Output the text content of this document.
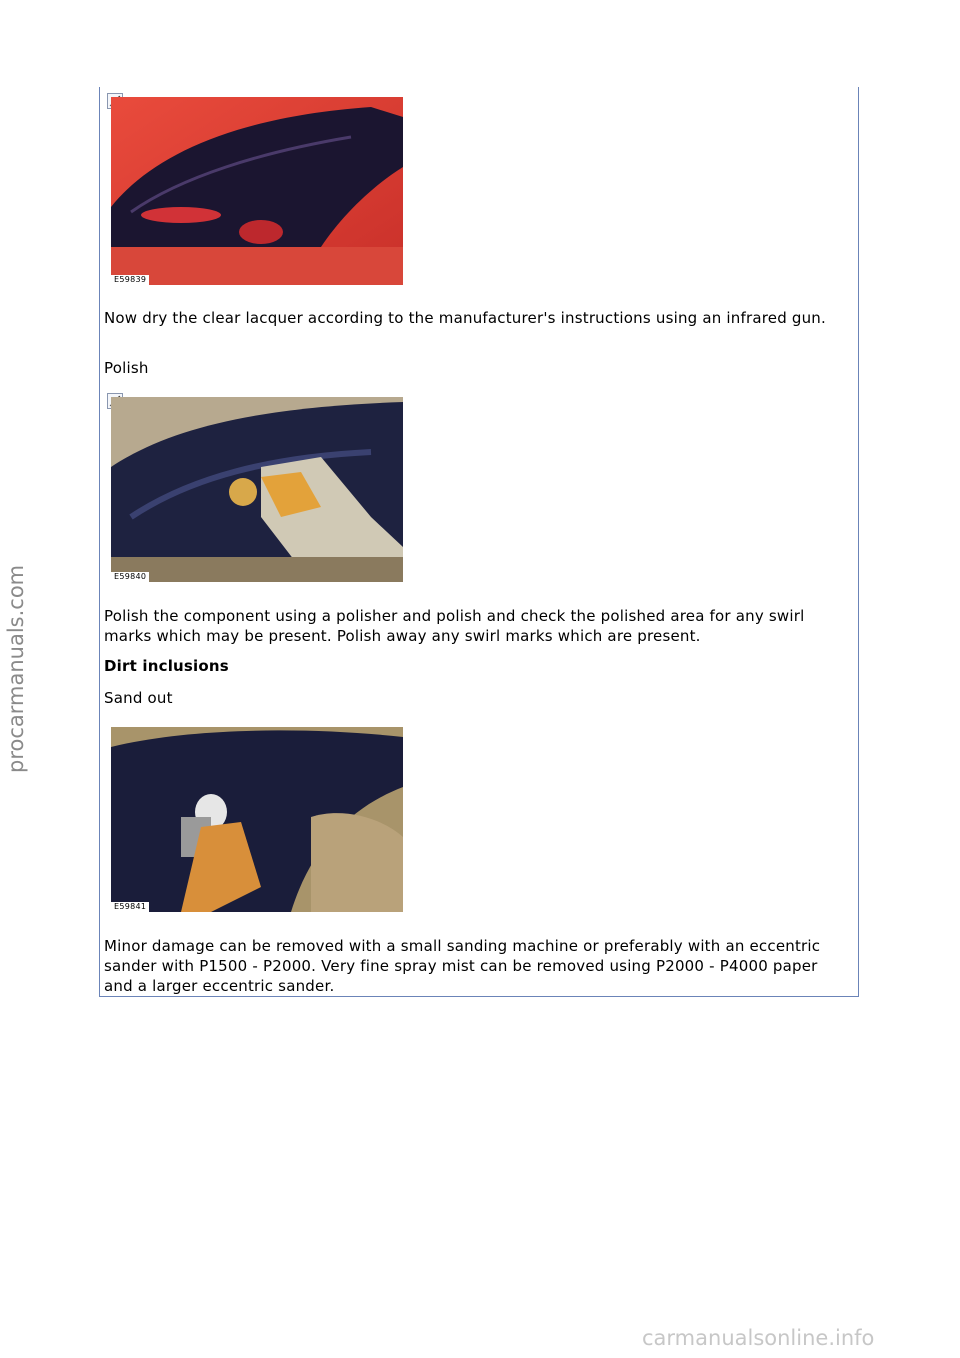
E59839

Now dry the clear lacquer according to the manufacturer's instructions using an infrared gun.

Polish

E59840

Polish the component using a polisher and polish and check the polished area for any swirl marks which may be present. Polish away any swirl marks which are present.

Dirt inclusions

Sand out

E59841

Minor damage can be removed with a small sanding machine or preferably with an eccentric sander with P1500 - P2000. Very fine spray mist can be removed using P2000 - P4000 paper and a larger eccentric sander.

procarmanuals.com
carmanualsonline.info
